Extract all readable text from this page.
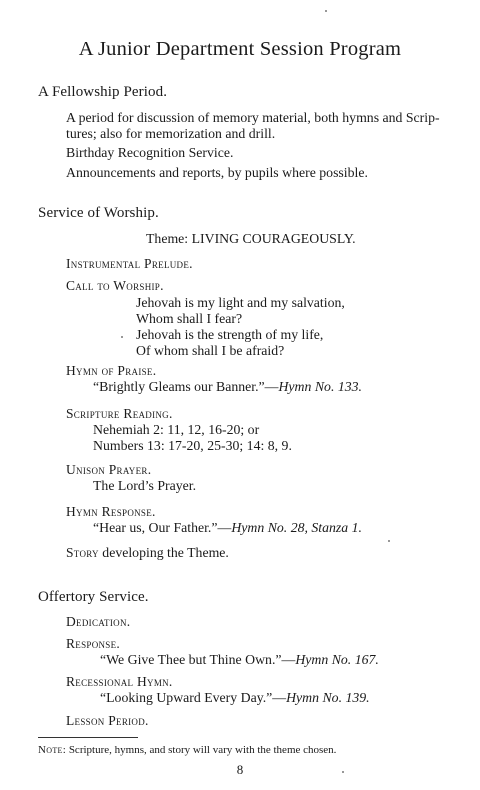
A Junior Department Session Program
A Fellowship Period.
A period for discussion of memory material, both hymns and Scrip-
tures; also for memorization and drill.
Birthday Recognition Service.
Announcements and reports, by pupils where possible.
Service of Worship.
Theme: LIVING COURAGEOUSLY.
Instrumental Prelude.
Call to Worship.
Jehovah is my light and my salvation,
Whom shall I fear?
Jehovah is the strength of my life,
Of whom shall I be afraid?
Hymn of Praise.
“Brightly Gleams our Banner.”—Hymn No. 133.
Scripture Reading.
Nehemiah 2: 11, 12, 16-20; or
Numbers 13: 17-20, 25-30; 14: 8, 9.
Unison Prayer.
The Lord’s Prayer.
Hymn Response.
“Hear us, Our Father.”—Hymn No. 28, Stanza 1.
Story developing the Theme.
Offertory Service.
Dedication.
Response.
“We Give Thee but Thine Own.”—Hymn No. 167.
Recessional Hymn.
“Looking Upward Every Day.”—Hymn No. 139.
Lesson Period.
Note: Scripture, hymns, and story will vary with the theme chosen.
8
